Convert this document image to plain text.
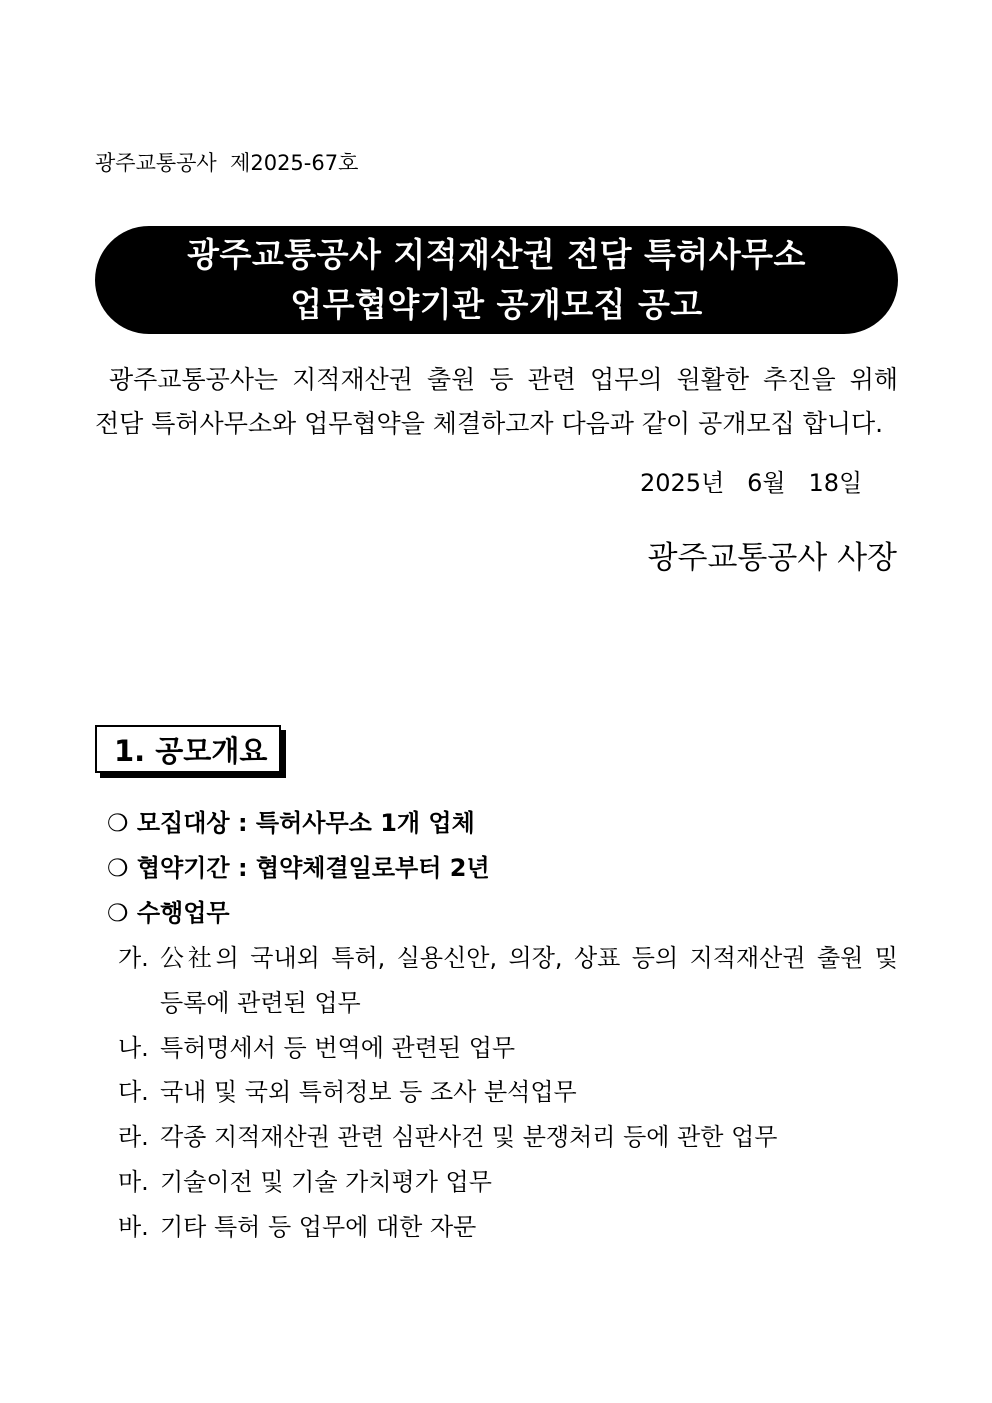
광주교통공사  제2025-67호
광주교통공사 지적재산권 전담 특허사무소
업무협약기관 공개모집 공고
광주교통공사는 지적재산권 출원 등 관련 업무의 원활한 추진을 위해
전담 특허사무소와 업무협약을 체결하고자 다음과 같이 공개모집 합니다.
2025년   6월   18일
광주교통공사 사장
1. 공모개요
❍ 모집대상 : 특허사무소 1개 업체
❍ 협약기간 : 협약체결일로부터 2년
❍ 수행업무
가. 公社의 국내외 특허, 실용신안, 의장, 상표 등의 지적재산권 출원 및
등록에 관련된 업무
나. 특허명세서 등 번역에 관련된 업무
다. 국내 및 국외 특허정보 등 조사 분석업무
라. 각종 지적재산권 관련 심판사건 및 분쟁처리 등에 관한 업무
마. 기술이전 및 기술 가치평가 업무
바. 기타 특허 등 업무에 대한 자문
